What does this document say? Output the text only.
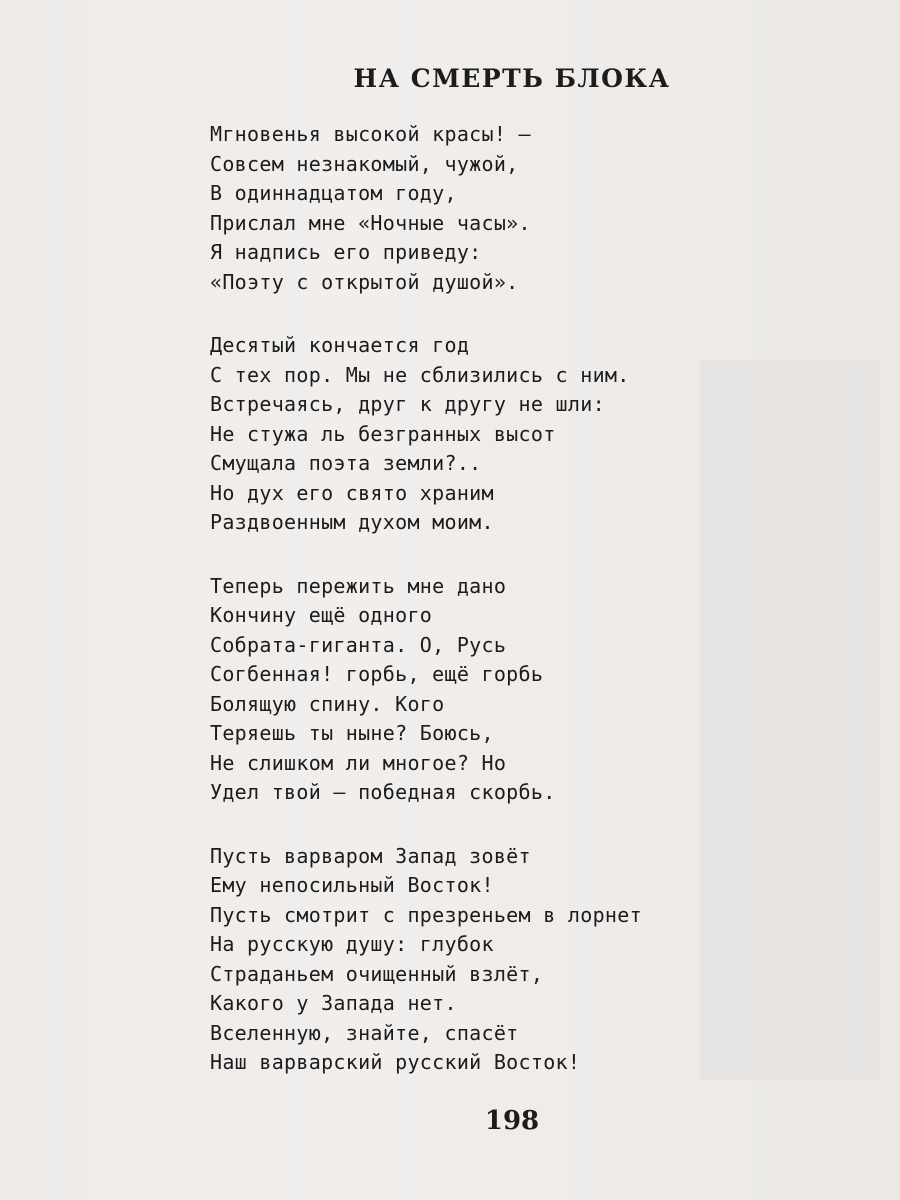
НА СМЕРТЬ БЛОКА
Мгновенья высокой красы! —
Совсем незнакомый, чужой,
В одиннадцатом году,
Прислал мне «Ночные часы».
Я надпись его приведу:
«Поэту с открытой душой».
Десятый кончается год
С тех пор. Мы не сблизились с ним.
Встречаясь, друг к другу не шли:
Не стужа ль безгранных высот
Смущала поэта земли?..
Но дух его свято храним
Раздвоенным духом моим.
Теперь пережить мне дано
Кончину ещё одного
Собрата-гиганта. О, Русь
Согбенная! горбь, ещё горбь
Болящую спину. Кого
Теряешь ты ныне? Боюсь,
Не слишком ли многое? Но
Удел твой — победная скорбь.
Пусть варваром Запад зовёт
Ему непосильный Восток!
Пусть смотрит с презреньем в лорнет
На русскую душу: глубок
Страданьем очищенный взлёт,
Какого у Запада нет.
Вселенную, знайте, спасёт
Наш варварский русский Восток!

198
